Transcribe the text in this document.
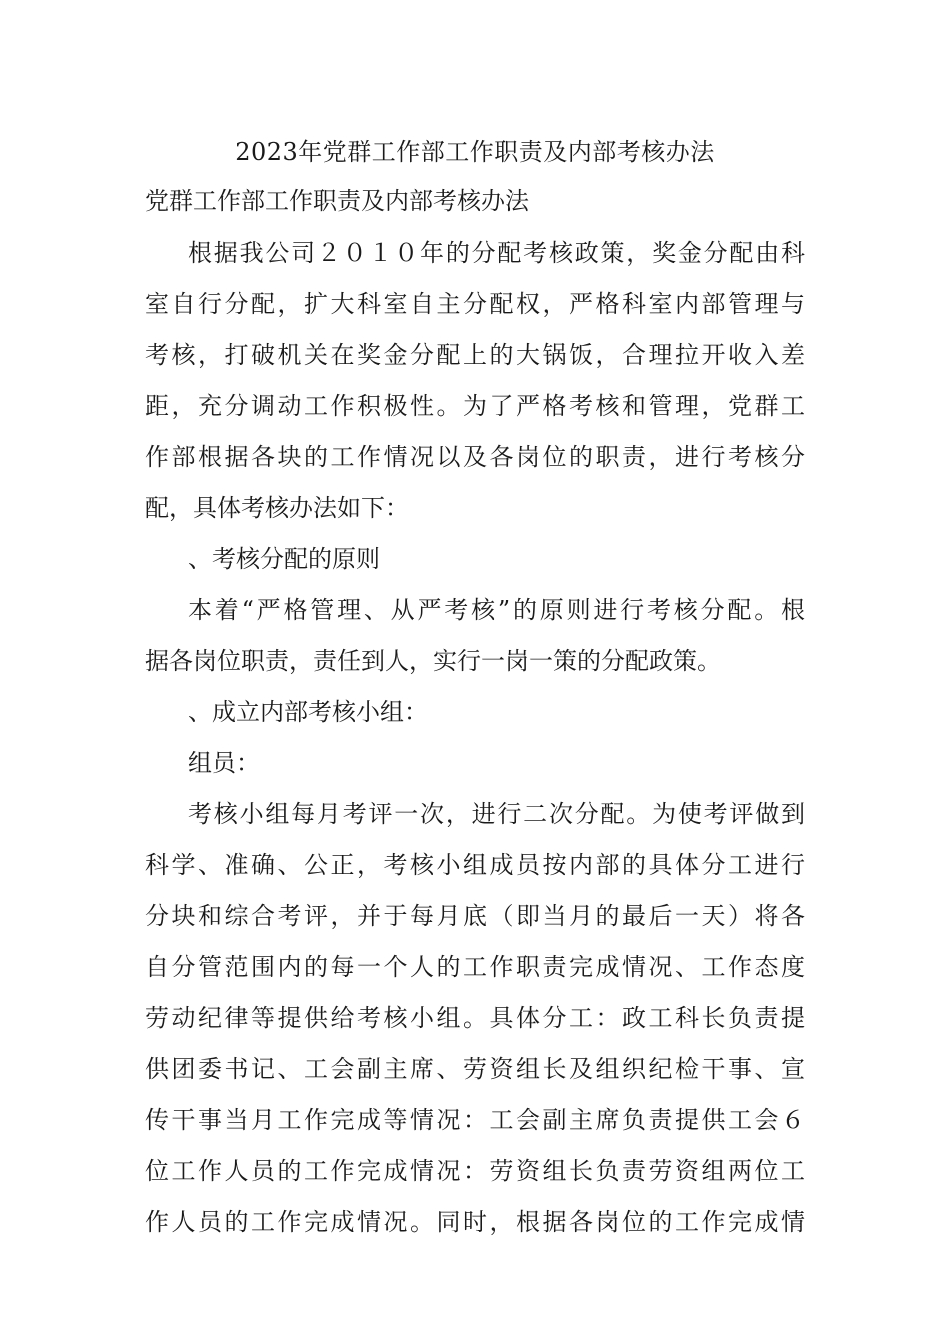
2023年党群工作部工作职责及内部考核办法
党群工作部工作职责及内部考核办法
根据我公司２０１０年的分配考核政策，奖金分配由科
室自行分配，扩大科室自主分配权，严格科室内部管理与
考核，打破机关在奖金分配上的大锅饭，合理拉开收入差
距，充分调动工作积极性。为了严格考核和管理，党群工
作部根据各块的工作情况以及各岗位的职责，进行考核分
配，具体考核办法如下：
、考核分配的原则
本着“严格管理、从严考核”的原则进行考核分配。根
据各岗位职责，责任到人，实行一岗一策的分配政策。
、成立内部考核小组：
组员：
考核小组每月考评一次，进行二次分配。为使考评做到
科学、准确、公正，考核小组成员按内部的具体分工进行
分块和综合考评，并于每月底（即当月的最后一天）将各
自分管范围内的每一个人的工作职责完成情况、工作态度
劳动纪律等提供给考核小组。具体分工：政工科长负责提
供团委书记、工会副主席、劳资组长及组织纪检干事、宣
传干事当月工作完成等情况：工会副主席负责提供工会６
位工作人员的工作完成情况：劳资组长负责劳资组两位工
作人员的工作完成情况。同时，根据各岗位的工作完成情
